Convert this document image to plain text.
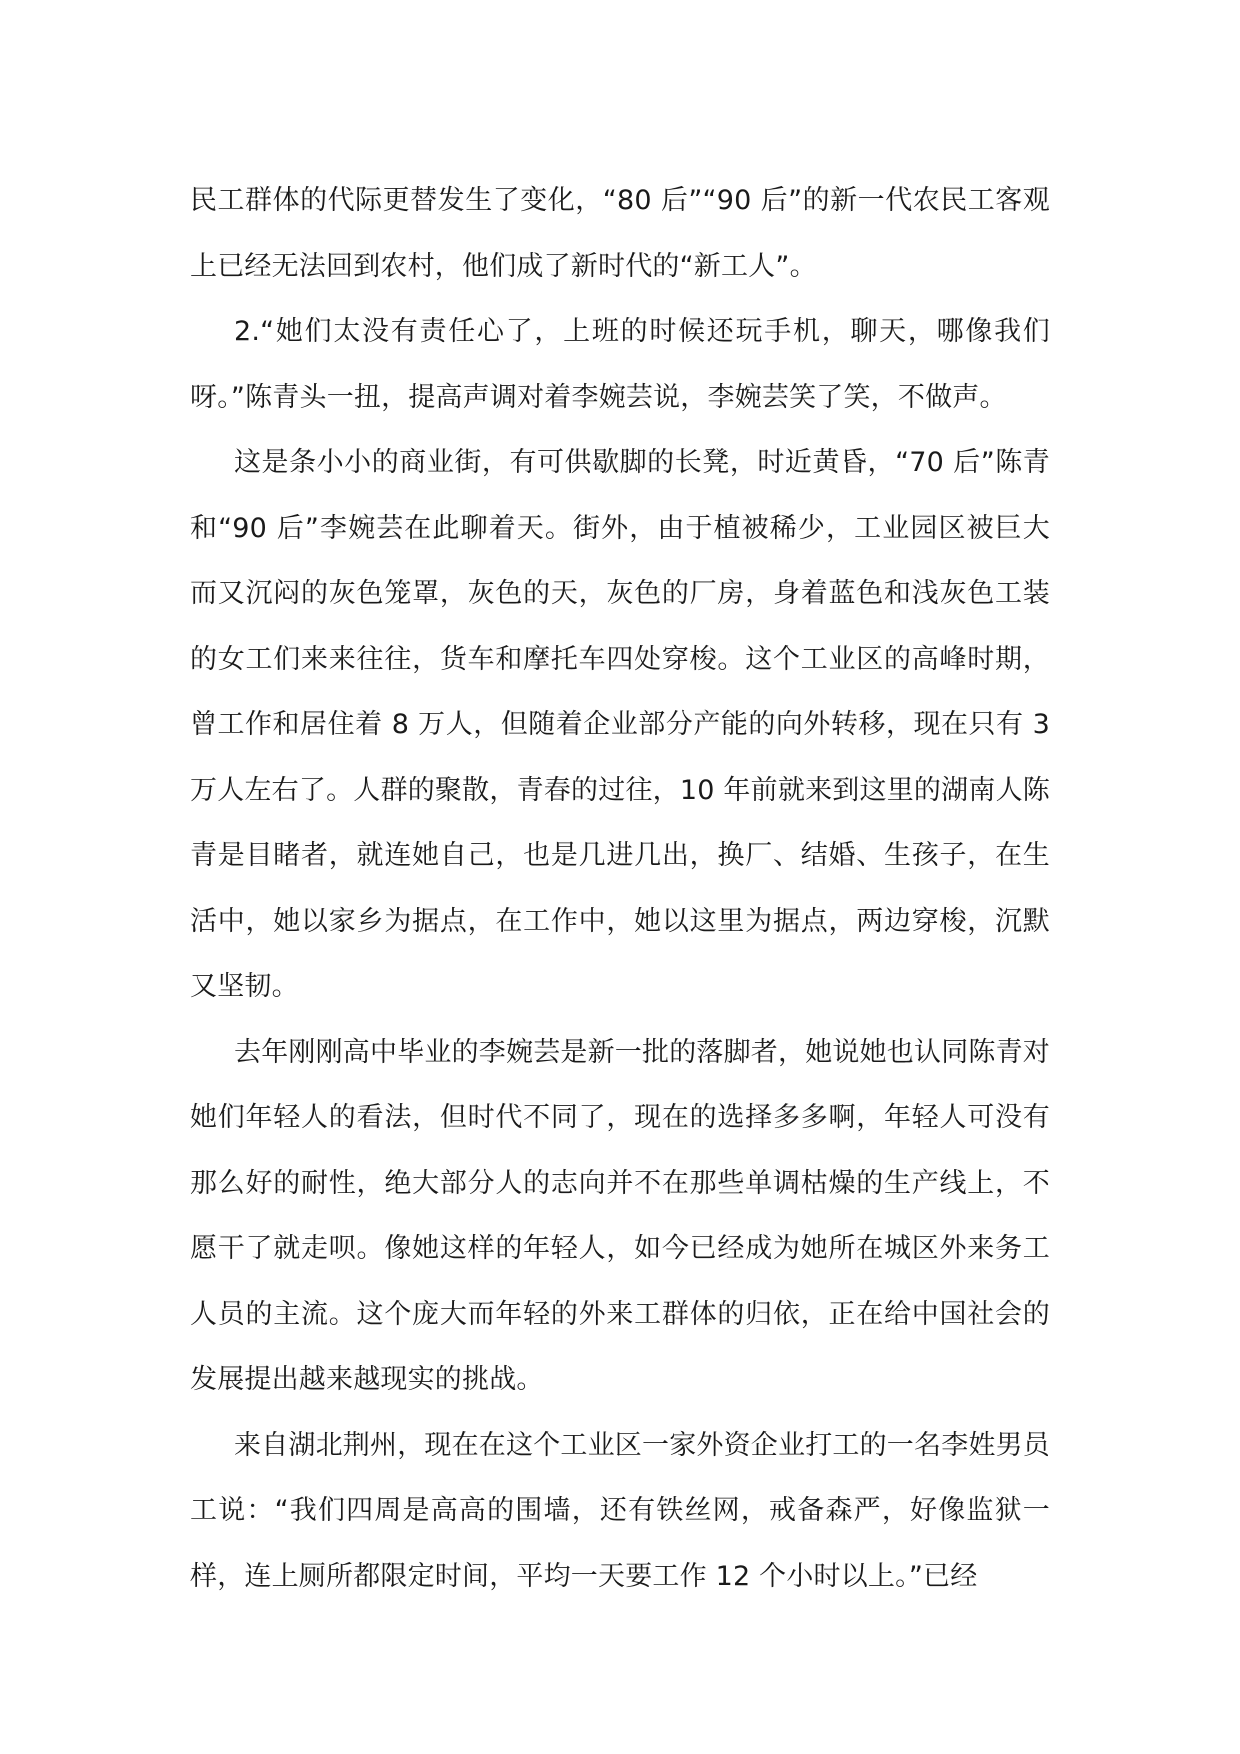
民工群体的代际更替发生了变化，“80 后”“90 后”的新一代农民工客观上已经无法回到农村，他们成了新时代的“新工人”。

2.“她们太没有责任心了，上班的时候还玩手机，聊天，哪像我们呀。”陈青头一扭，提高声调对着李婉芸说，李婉芸笑了笑，不做声。

这是条小小的商业街，有可供歇脚的长凳，时近黄昏，“70 后”陈青和“90 后”李婉芸在此聊着天。街外，由于植被稀少，工业园区被巨大而又沉闷的灰色笼罩，灰色的天，灰色的厂房，身着蓝色和浅灰色工装的女工们来来往往，货车和摩托车四处穿梭。这个工业区的高峰时期，曾工作和居住着 8 万人，但随着企业部分产能的向外转移，现在只有 3 万人左右了。人群的聚散，青春的过往，10 年前就来到这里的湖南人陈青是目睹者，就连她自己，也是几进几出，换厂、结婚、生孩子，在生活中，她以家乡为据点，在工作中，她以这里为据点，两边穿梭，沉默又坚韧。

去年刚刚高中毕业的李婉芸是新一批的落脚者，她说她也认同陈青对她们年轻人的看法，但时代不同了，现在的选择多多啊，年轻人可没有那么好的耐性，绝大部分人的志向并不在那些单调枯燥的生产线上，不愿干了就走呗。像她这样的年轻人，如今已经成为她所在城区外来务工人员的主流。这个庞大而年轻的外来工群体的归依，正在给中国社会的发展提出越来越现实的挑战。

来自湖北荆州，现在在这个工业区一家外资企业打工的一名李姓男员工说：“我们四周是高高的围墙，还有铁丝网，戒备森严，好像监狱一样，连上厕所都限定时间，平均一天要工作 12 个小时以上。”已经
